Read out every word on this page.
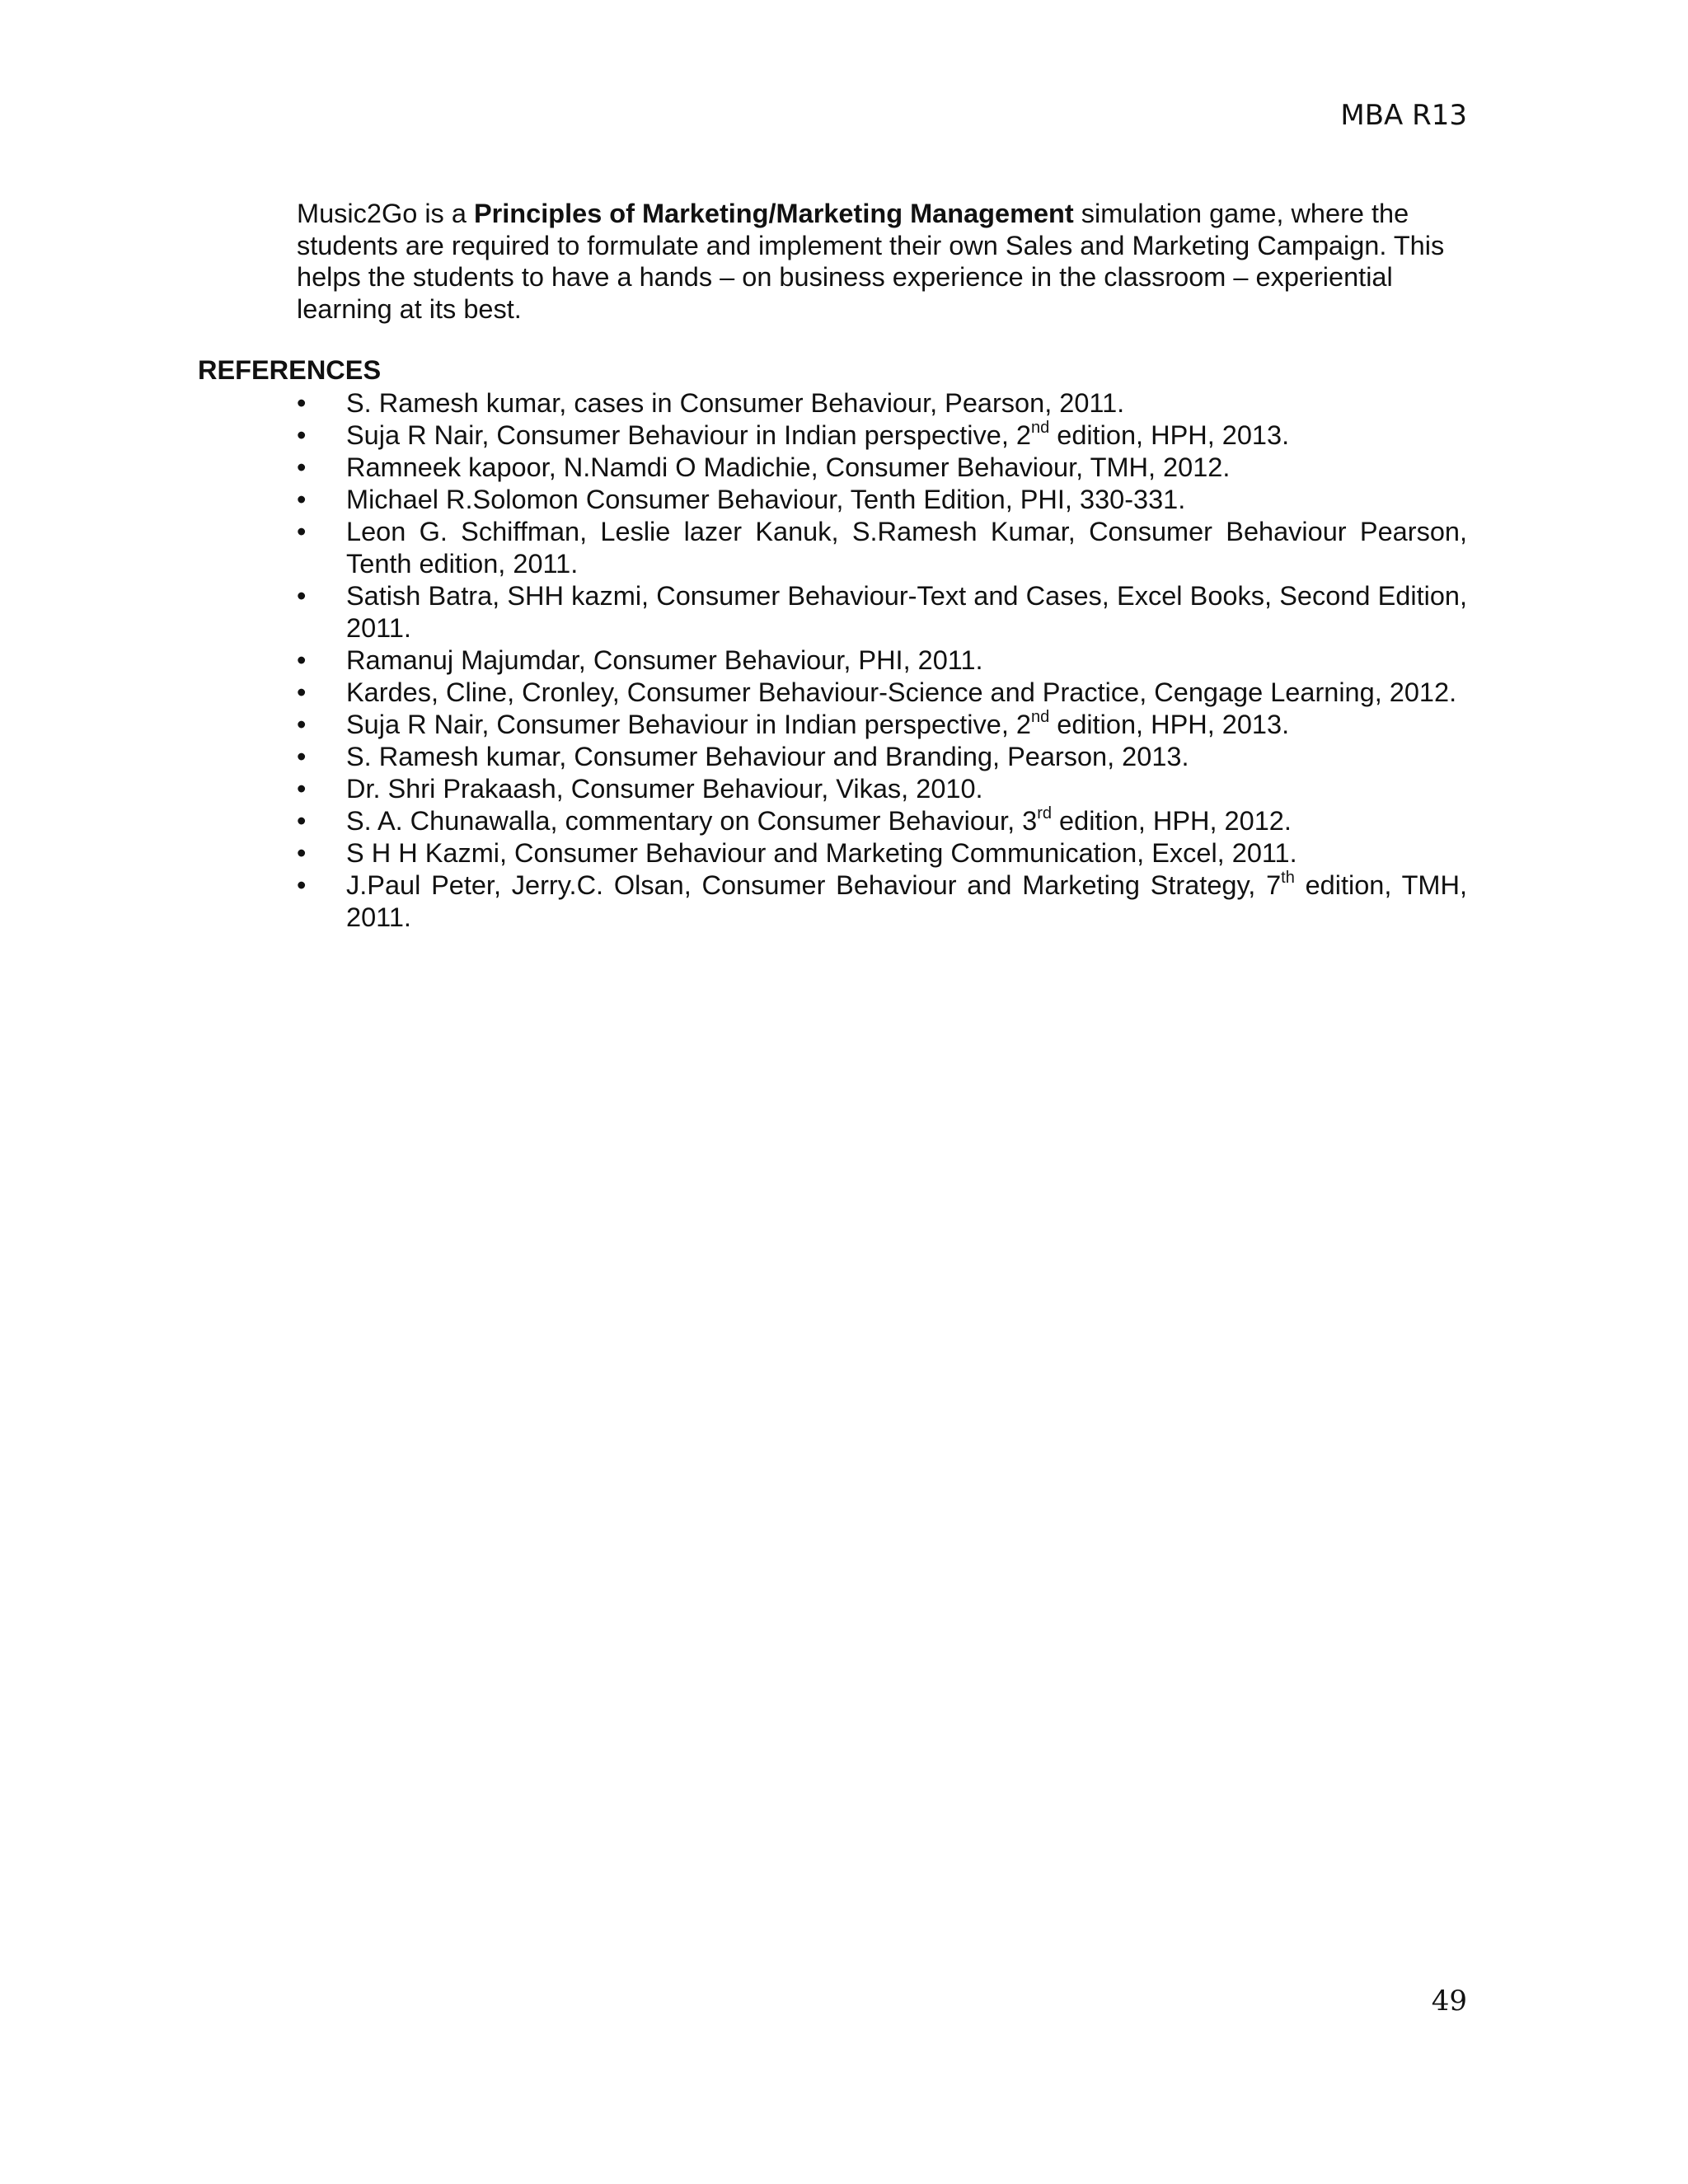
MBA R13

Music2Go is a Principles of Marketing/Marketing Management simulation game, where the students are required to formulate and implement their own Sales and Marketing Campaign. This helps the students to have a hands – on business experience in the classroom – experiential learning at its best.

REFERENCES
•	S. Ramesh kumar, cases in Consumer Behaviour, Pearson, 2011.
•	Suja R Nair, Consumer Behaviour in Indian perspective, 2nd edition, HPH, 2013.
•	Ramneek kapoor, N.Namdi O Madichie, Consumer Behaviour, TMH, 2012.
•	Michael R.Solomon Consumer Behaviour, Tenth Edition, PHI, 330-331.
•	Leon G. Schiffman, Leslie lazer Kanuk, S.Ramesh Kumar, Consumer Behaviour Pearson, Tenth edition, 2011.
•	Satish Batra, SHH kazmi, Consumer Behaviour-Text and Cases, Excel Books, Second Edition, 2011.
•	Ramanuj Majumdar, Consumer Behaviour, PHI, 2011.
•	Kardes, Cline, Cronley, Consumer Behaviour-Science and Practice, Cengage Learning, 2012.
•	Suja R Nair, Consumer Behaviour in Indian perspective, 2nd edition, HPH, 2013.
•	S. Ramesh kumar, Consumer Behaviour and Branding, Pearson, 2013.
•	Dr. Shri Prakaash, Consumer Behaviour, Vikas, 2010.
•	S. A. Chunawalla, commentary on Consumer Behaviour, 3rd edition, HPH, 2012.
•	S H H Kazmi, Consumer Behaviour and Marketing Communication, Excel, 2011.
•	J.Paul Peter, Jerry.C. Olsan, Consumer Behaviour and Marketing Strategy, 7th edition, TMH, 2011.
49
